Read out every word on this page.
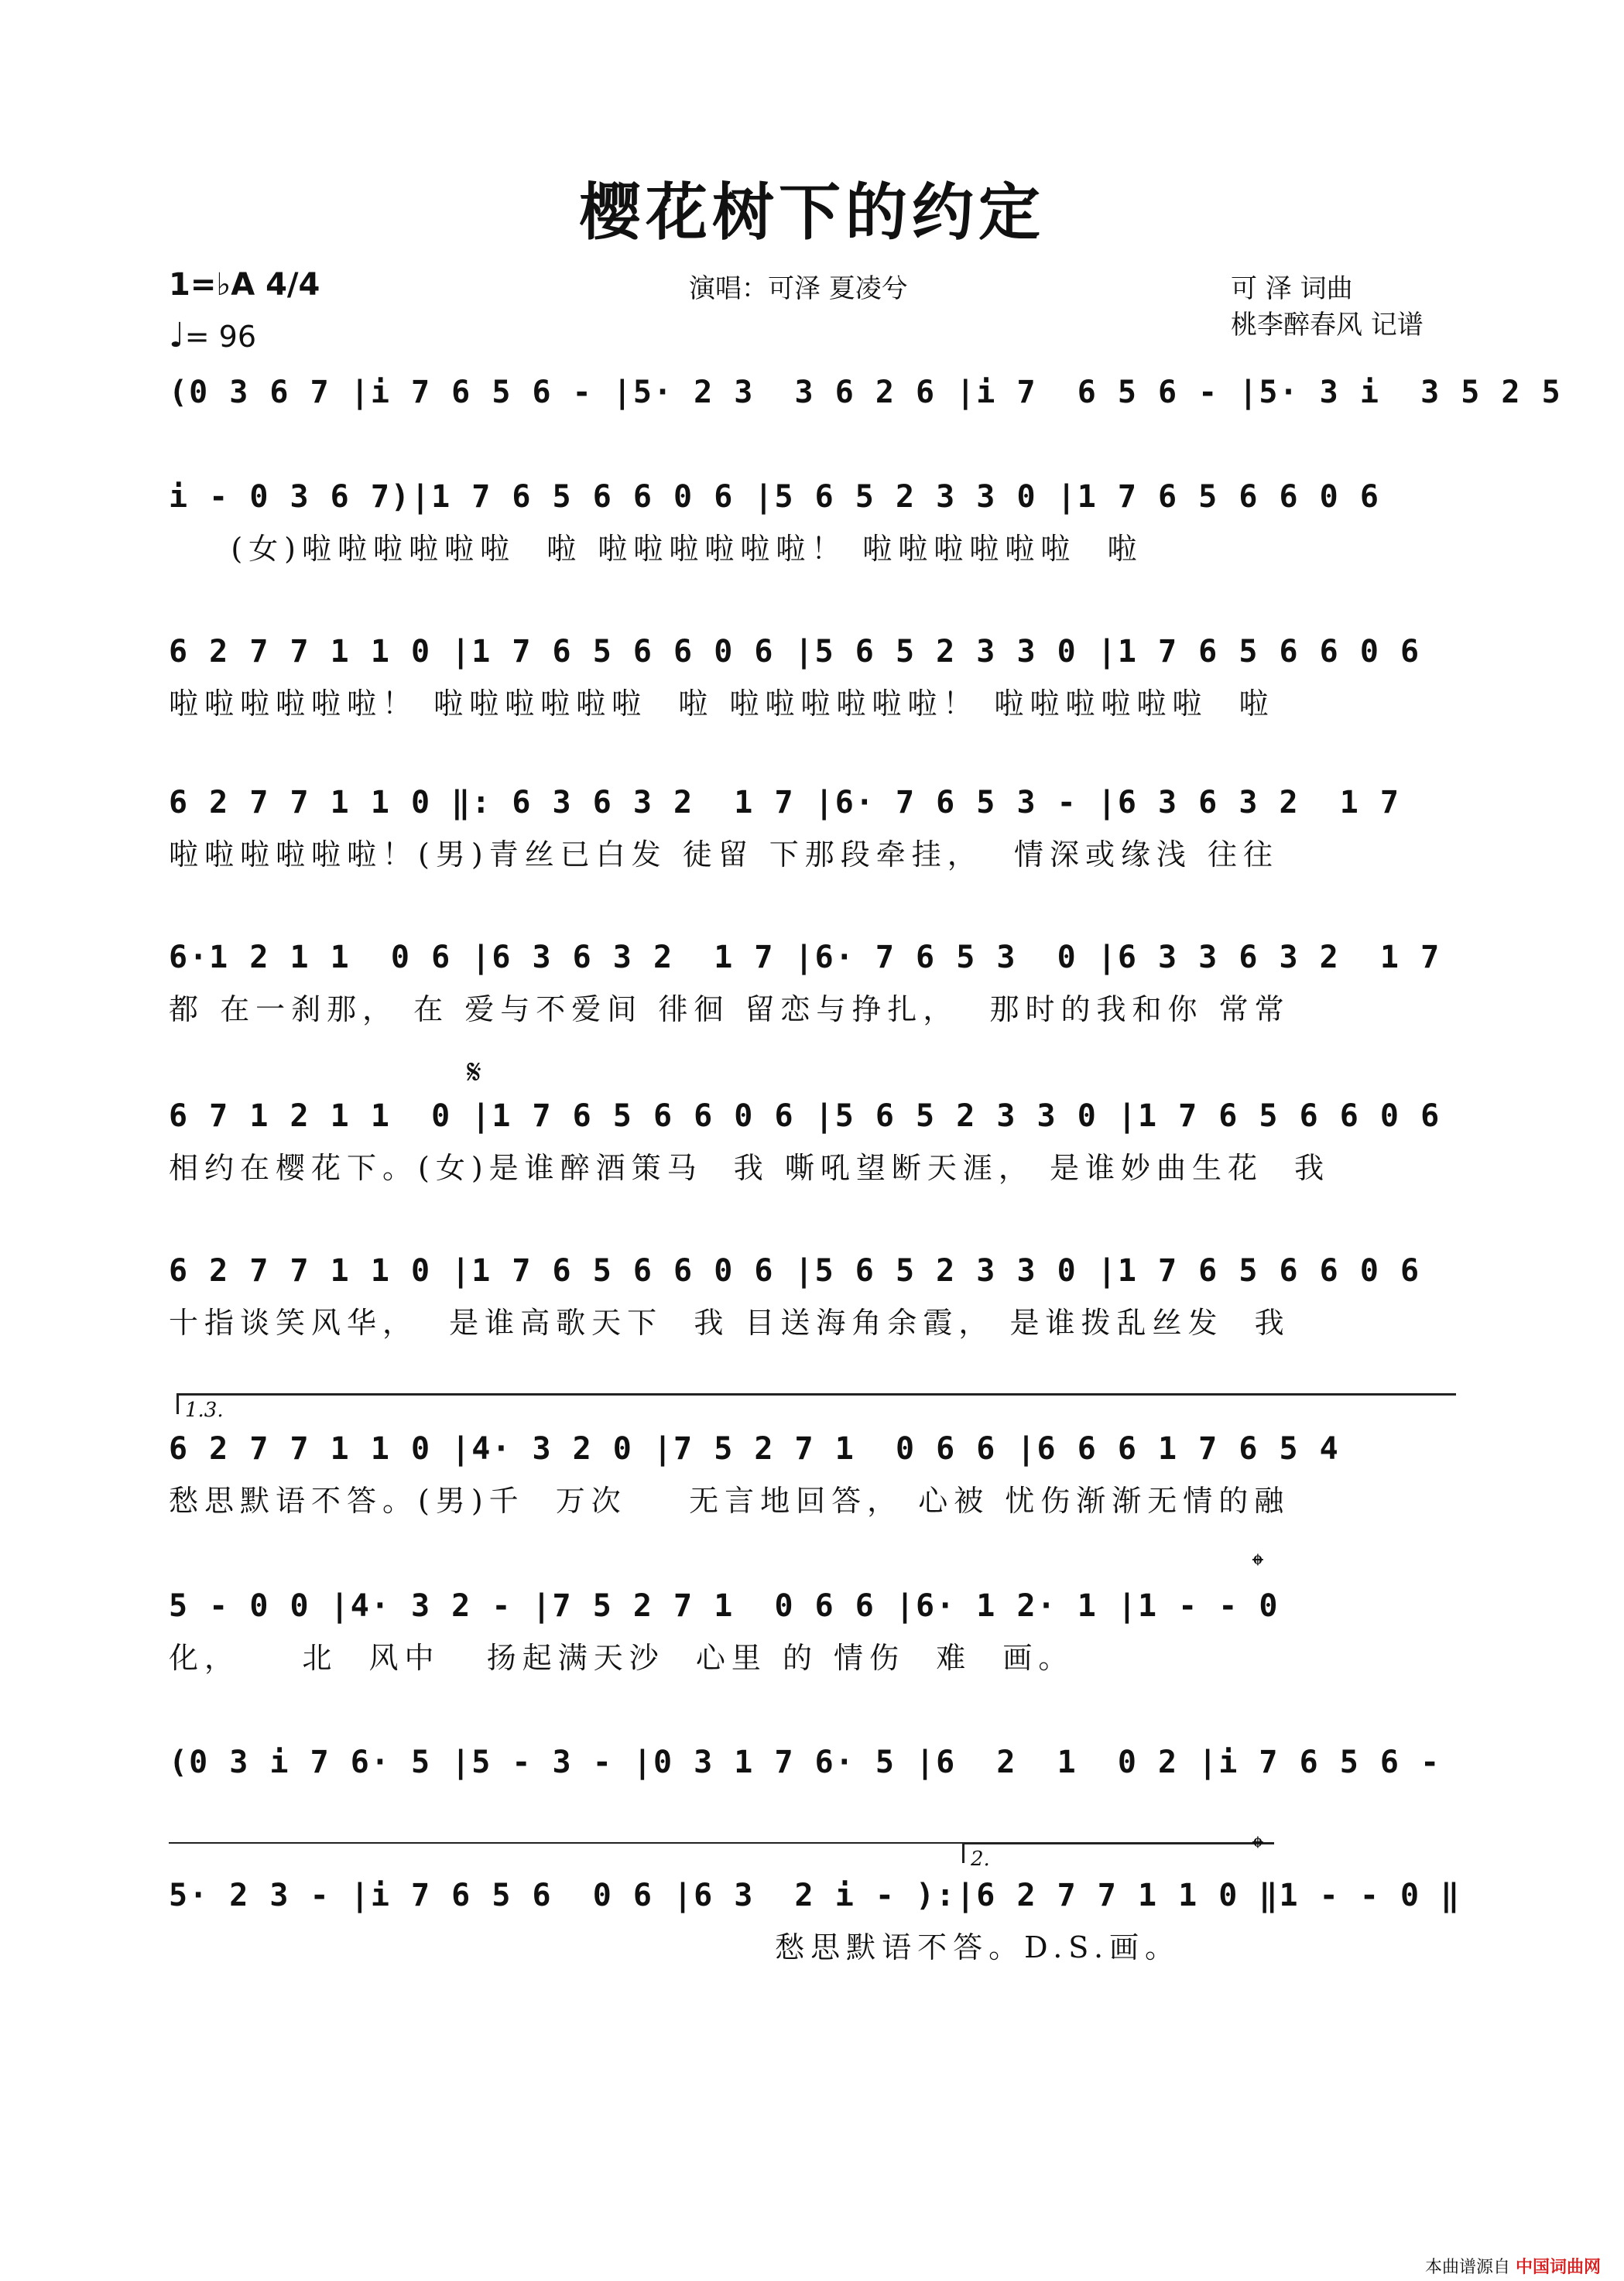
樱花树下的约定
1=♭A 4/4
♩= 96
演唱：可泽 夏凌兮	可 泽 词曲
桃李醉春风 记谱
(0 3 6 7 |i 7 6 5 6 - |5· 2 3  3 6 2 6 |i 7  6 5 6 - |5· 3 i  3 5 2 5
i - 0 3 6 7)|1 7 6 5 6 6 0 6 |5 6 5 2 3 3 0 |1 7 6 5 6 6 0 6
(女)啦啦啦啦啦啦  啦 啦啦啦啦啦啦！ 啦啦啦啦啦啦  啦
6 2 7 7 1 1 0 |1 7 6 5 6 6 0 6 |5 6 5 2 3 3 0 |1 7 6 5 6 6 0 6
啦啦啦啦啦啦！ 啦啦啦啦啦啦  啦 啦啦啦啦啦啦！ 啦啦啦啦啦啦  啦
6 2 7 7 1 1 0 ‖: 6 3 6 3 2  1 7 |6· 7 6 5 3 - |6 3 6 3 2  1 7
啦啦啦啦啦啦！(男)青丝已白发 徒留 下那段牵挂，  情深或缘浅 往往
6·1 2 1 1  0 6 |6 3 6 3 2  1 7 |6· 7 6 5 3  0 |6 3 3 6 3 2  1 7
都 在一刹那， 在 爱与不爱间 徘徊 留恋与挣扎，  那时的我和你 常常
𝄋
6 7 1 2 1 1  0 |1 7 6 5 6 6 0 6 |5 6 5 2 3 3 0 |1 7 6 5 6 6 0 6
相约在樱花下。(女)是谁醉酒策马  我 嘶吼望断天涯， 是谁妙曲生花  我
6 2 7 7 1 1 0 |1 7 6 5 6 6 0 6 |5 6 5 2 3 3 0 |1 7 6 5 6 6 0 6
十指谈笑风华，  是谁高歌天下  我 目送海角余霞， 是谁拨乱丝发  我
1.3.
6 2 7 7 1 1 0 |4· 3 2 0 |7 5 2 7 1  0 6 6 |6 6 6 1 7 6 5 4
愁思默语不答。(男)千  万次    无言地回答， 心被 忧伤渐渐无情的融
𝄌
5 - 0 0 |4· 3 2 - |7 5 2 7 1  0 6 6 |6· 1 2· 1 |1 - - 0
化，    北  风中   扬起满天沙  心里 的 情伤  难  画。
(0 3 i 7 6· 5 |5 - 3 - |0 3 1 7 6· 5 |6  2  1  0 2 |i 7 6 5 6 -
2.	𝄌
5· 2 3 - |i 7 6 5 6  0 6 |6 3  2 i - ):|6 2 7 7 1 1 0 ‖1 - - 0 ‖
愁思默语不答。D.S.画。
本曲谱源自 中国词曲网
